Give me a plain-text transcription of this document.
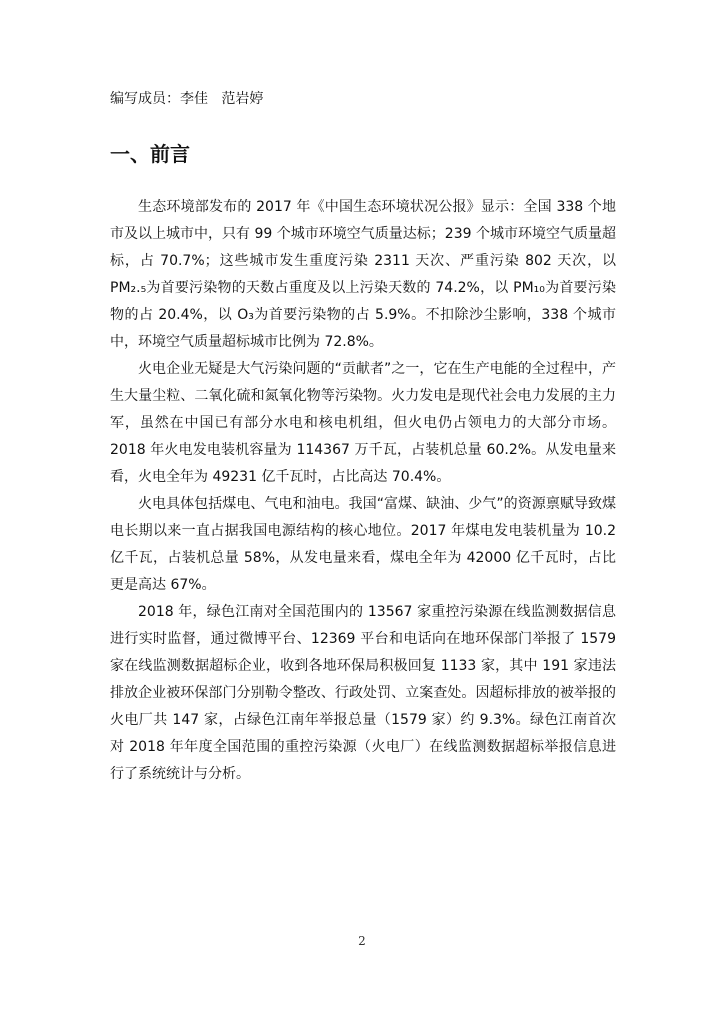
编写成员：李佳   范岩婷
一、前言

生态环境部发布的 2017 年《中国生态环境状况公报》显示：全国 338 个地市及以上城市中，只有 99 个城市环境空气质量达标；239 个城市环境空气质量超标，占 70.7%；这些城市发生重度污染 2311 天次、严重污染 802 天次，以 PM₂.₅为首要污染物的天数占重度及以上污染天数的 74.2%，以 PM₁₀为首要污染物的占 20.4%，以 O₃为首要污染物的占 5.9%。不扣除沙尘影响，338 个城市中，环境空气质量超标城市比例为 72.8%。

火电企业无疑是大气污染问题的“贡献者”之一，它在生产电能的全过程中，产生大量尘粒、二氧化硫和氮氧化物等污染物。火力发电是现代社会电力发展的主力军，虽然在中国已有部分水电和核电机组，但火电仍占领电力的大部分市场。2018 年火电发电装机容量为 114367 万千瓦，占装机总量 60.2%。从发电量来看，火电全年为 49231 亿千瓦时，占比高达 70.4%。

火电具体包括煤电、气电和油电。我国“富煤、缺油、少气”的资源禀赋导致煤电长期以来一直占据我国电源结构的核心地位。2017 年煤电发电装机量为 10.2 亿千瓦，占装机总量 58%，从发电量来看，煤电全年为 42000 亿千瓦时，占比更是高达 67%。

2018 年，绿色江南对全国范围内的 13567 家重控污染源在线监测数据信息进行实时监督，通过微博平台、12369 平台和电话向在地环保部门举报了 1579 家在线监测数据超标企业，收到各地环保局积极回复 1133 家，其中 191 家违法排放企业被环保部门分别勒令整改、行政处罚、立案查处。因超标排放的被举报的火电厂共 147 家，占绿色江南年举报总量（1579 家）约 9.3%。绿色江南首次对 2018 年年度全国范围的重控污染源（火电厂）在线监测数据超标举报信息进行了系统统计与分析。

2
